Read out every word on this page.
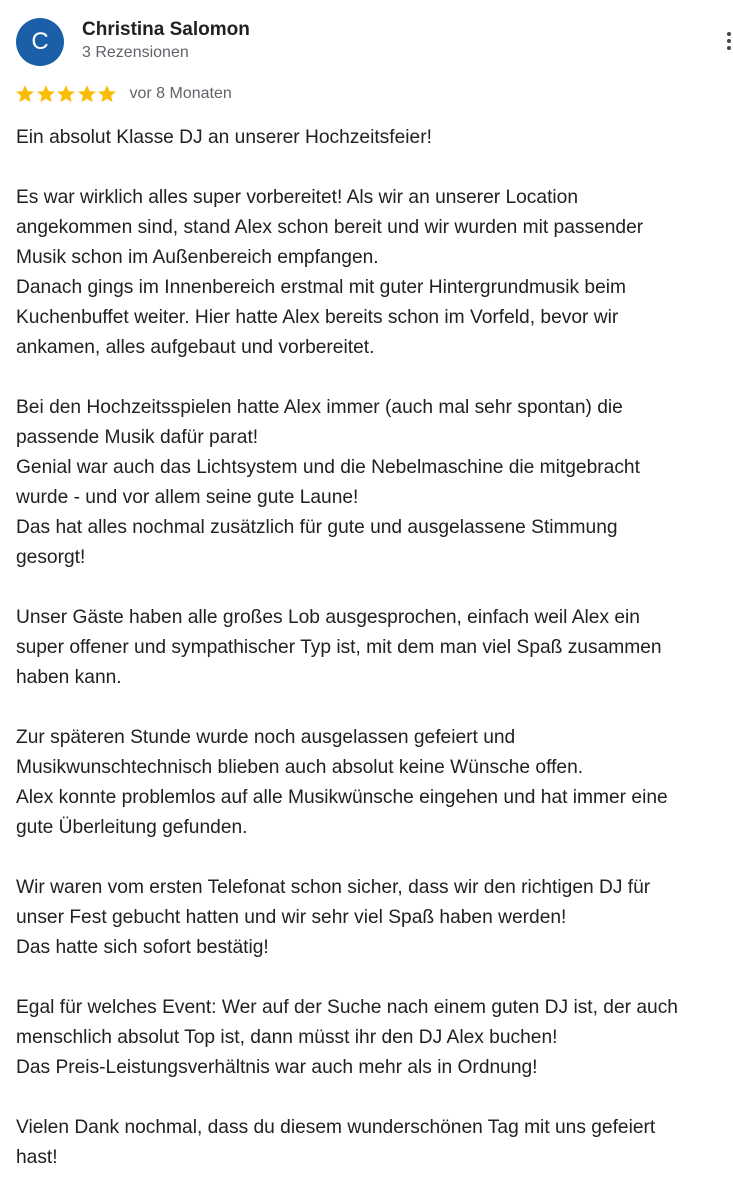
C	Christina Salomon
3 Rezensionen
vor 8 Monaten
Ein absolut Klasse DJ an unserer Hochzeitsfeier!
Es war wirklich alles super vorbereitet! Als wir an unserer Location
angekommen sind, stand Alex schon bereit und wir wurden mit passender
Musik schon im Außenbereich empfangen.
Danach gings im Innenbereich erstmal mit guter Hintergrundmusik beim
Kuchenbuffet weiter. Hier hatte Alex bereits schon im Vorfeld, bevor wir
ankamen, alles aufgebaut und vorbereitet.
Bei den Hochzeitsspielen hatte Alex immer (auch mal sehr spontan) die
passende Musik dafür parat!
Genial war auch das Lichtsystem und die Nebelmaschine die mitgebracht
wurde - und vor allem seine gute Laune!
Das hat alles nochmal zusätzlich für gute und ausgelassene Stimmung
gesorgt!
Unser Gäste haben alle großes Lob ausgesprochen, einfach weil Alex ein
super offener und sympathischer Typ ist, mit dem man viel Spaß zusammen
haben kann.
Zur späteren Stunde wurde noch ausgelassen gefeiert und
Musikwunschtechnisch blieben auch absolut keine Wünsche offen.
Alex konnte problemlos auf alle Musikwünsche eingehen und hat immer eine
gute Überleitung gefunden.
Wir waren vom ersten Telefonat schon sicher, dass wir den richtigen DJ für
unser Fest gebucht hatten und wir sehr viel Spaß haben werden!
Das hatte sich sofort bestätig!
Egal für welches Event: Wer auf der Suche nach einem guten DJ ist, der auch
menschlich absolut Top ist, dann müsst ihr den DJ Alex buchen!
Das Preis-Leistungsverhältnis war auch mehr als in Ordnung!
Vielen Dank nochmal, dass du diesem wunderschönen Tag mit uns gefeiert
hast!
